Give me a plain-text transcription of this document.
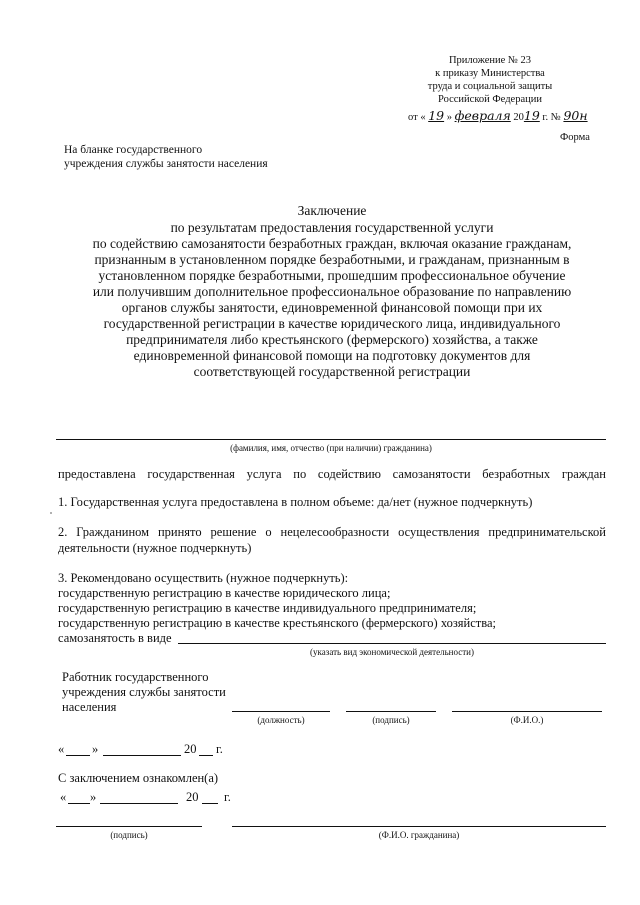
Приложение № 23
к приказу Министерства
труда и социальной защиты
Российской Федерации
от « 19 » февраля 2019 г. № 90н
Форма
На бланке государственного
учреждения службы занятости населения
Заключение
по результатам предоставления государственной услуги
по содействию самозанятости безработных граждан, включая оказание гражданам,
признанным в установленном порядке безработными, и гражданам, признанным в
установленном порядке безработными, прошедшим профессиональное обучение
или получившим дополнительное профессиональное образование по направлению
органов службы занятости, единовременной финансовой помощи при их
государственной регистрации в качестве юридического лица, индивидуального
предпринимателя либо крестьянского (фермерского) хозяйства, а также
единовременной финансовой помощи на подготовку документов для
соответствующей государственной регистрации
(фамилия, имя, отчество (при наличии) гражданина)
предоставлена государственная услуга по содействию самозанятости безработных граждан
1. Государственная услуга предоставлена в полном объеме: да/нет (нужное подчеркнуть)
2. Гражданином принято решение о нецелесообразности осуществления предпринимательской
деятельности (нужное подчеркнуть)
3. Рекомендовано осуществить (нужное подчеркнуть):
государственную регистрацию в качестве юридического лица;
государственную регистрацию в качестве индивидуального предпринимателя;
государственную регистрацию в качестве крестьянского (фермерского) хозяйства;
самозанятость в виде
(указать вид экономической деятельности)
Работник государственного
учреждения службы занятости
населения
(должность)	(подпись)	(Ф.И.О.)
« »	20 г.
С заключением ознакомлен(а)
« »	20 г.
(подпись)	(Ф.И.О. гражданина)
